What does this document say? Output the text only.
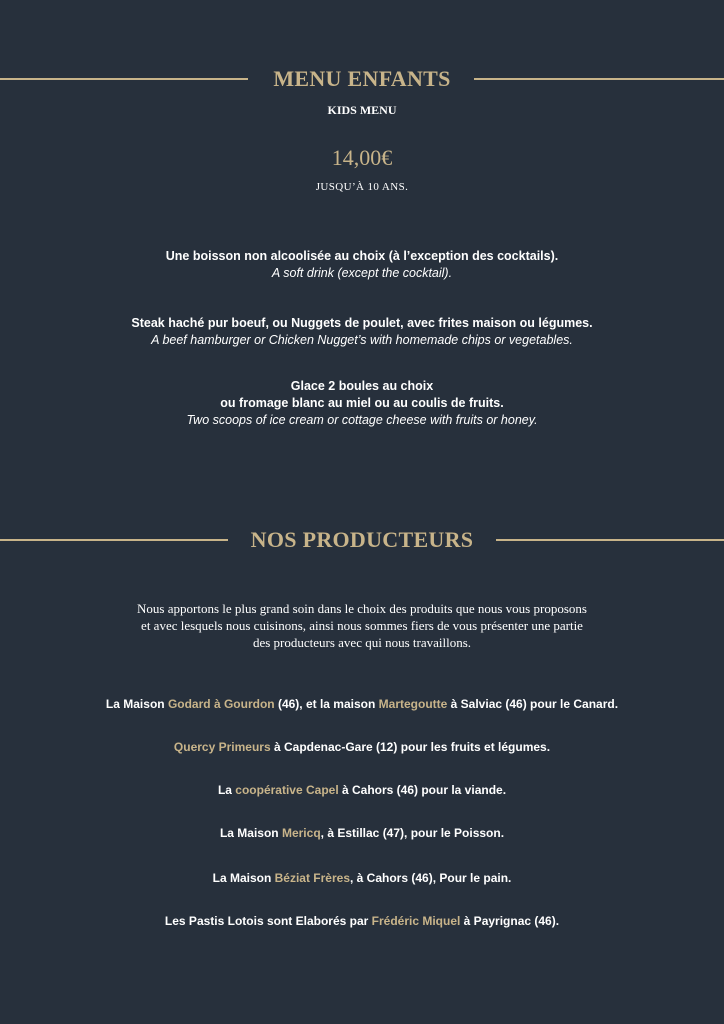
MENU ENFANTS
KIDS MENU
14,00€
JUSQU’À 10 ANS.
Une boisson non alcoolisée au choix (à l’exception des cocktails).
A soft drink (except the cocktail).
Steak haché pur boeuf, ou Nuggets de poulet, avec frites maison ou légumes.
A beef hamburger or Chicken Nugget’s with homemade chips or vegetables.
Glace 2 boules au choix
ou fromage blanc au miel ou au coulis de fruits.
Two scoops of ice cream or cottage cheese with fruits or honey.
NOS PRODUCTEURS
Nous apportons le plus grand soin dans le choix des produits que nous vous proposons
et avec lesquels nous cuisinons, ainsi nous sommes fiers de vous présenter une partie
des producteurs avec qui nous travaillons.
La Maison Godard à Gourdon (46), et la maison Martegoutte à Salviac (46) pour le Canard.
Quercy Primeurs à Capdenac-Gare (12) pour les fruits et légumes.
La coopérative Capel à Cahors (46) pour la viande.
La Maison Mericq, à Estillac (47), pour le Poisson.
La Maison Béziat Frères, à Cahors (46), Pour le pain.
Les Pastis Lotois sont Elaborés par Frédéric Miquel à Payrignac (46).
